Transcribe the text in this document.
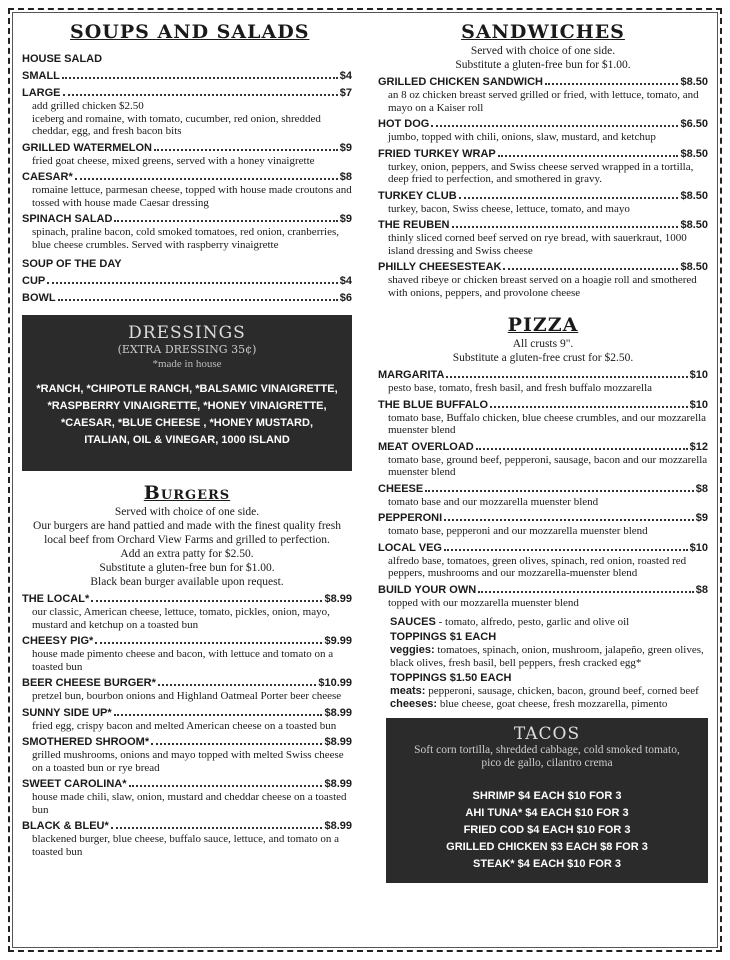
SOUPS AND SALADS
HOUSE SALAD
SMALL	$4
LARGE	$7
add grilled chicken $2.50
iceberg and romaine, with tomato, cucumber, red onion, shredded cheddar, egg, and fresh bacon bits
GRILLED WATERMELON	$9
fried goat cheese, mixed greens, served with a honey vinaigrette
CAESAR*	$8
romaine lettuce, parmesan cheese, topped with house made croutons and tossed with house made Caesar dressing
SPINACH SALAD	$9
spinach, praline bacon, cold smoked tomatoes, red onion, cranberries, blue cheese crumbles. Served with raspberry vinaigrette
SOUP OF THE DAY
CUP	$4
BOWL	$6
DRESSINGS
(EXTRA DRESSING 35¢)
*made in house
*RANCH, *CHIPOTLE RANCH, *BALSAMIC VINAIGRETTE,
*RASPBERRY VINAIGRETTE, *HONEY VINAIGRETTE,
*CAESAR, *BLUE CHEESE , *HONEY MUSTARD,
ITALIAN, OIL & VINEGAR, 1000 ISLAND
Burgers

Served with choice of one side.

Our burgers are hand pattied and made with the finest quality fresh local beef from Orchard View Farms and grilled to perfection.

Add an extra patty for $2.50.

Substitute a gluten-free bun for $1.00.

Black bean burger available upon request.

THE LOCAL*	$8.99
our classic, American cheese, lettuce, tomato, pickles, onion, mayo, mustard and ketchup on a toasted bun
CHEESY PIG*	$9.99
house made pimento cheese and bacon, with lettuce and tomato on a toasted bun
BEER CHEESE BURGER*	$10.99
pretzel bun, bourbon onions and Highland Oatmeal Porter beer cheese
SUNNY SIDE UP*	$8.99
fried egg, crispy bacon and melted American cheese on a toasted bun
SMOTHERED SHROOM*	$8.99
grilled mushrooms, onions and mayo topped with melted Swiss cheese on a toasted bun or rye bread
SWEET CAROLINA*	$8.99
house made chili, slaw, onion, mustard and cheddar cheese on a toasted bun
BLACK & BLEU*	$8.99
blackened burger, blue cheese, buffalo sauce, lettuce, and tomato on a toasted bun
SANDWICHES

Served with choice of one side.

Substitute a gluten-free bun for $1.00.

GRILLED CHICKEN SANDWICH	$8.50
an 8 oz chicken breast served grilled or fried, with lettuce, tomato, and mayo on a Kaiser roll
HOT DOG	$6.50
jumbo, topped with chili, onions, slaw, mustard, and ketchup
FRIED TURKEY WRAP	$8.50
turkey, onion, peppers, and Swiss cheese served wrapped in a tortilla, deep fried to perfection, and smothered in gravy.
TURKEY CLUB	$8.50
turkey, bacon, Swiss cheese, lettuce, tomato, and mayo
THE REUBEN	$8.50
thinly sliced corned beef served on rye bread, with sauerkraut, 1000 island dressing and Swiss cheese
PHILLY CHEESESTEAK	$8.50
shaved ribeye or chicken breast served on a hoagie roll and smothered with onions, peppers, and provolone cheese
PIZZA

All crusts 9".

Substitute a gluten-free crust for $2.50.

MARGARITA	$10
pesto base, tomato, fresh basil, and fresh buffalo mozzarella
THE BLUE BUFFALO	$10
tomato base, Buffalo chicken, blue cheese crumbles, and our mozzarella muenster blend
MEAT OVERLOAD	$12
tomato base, ground beef, pepperoni, sausage, bacon and our mozzarella muenster blend
CHEESE	$8
tomato base and our mozzarella muenster blend
PEPPERONI	$9
tomato base, pepperoni and our mozzarella muenster blend
LOCAL VEG	$10
alfredo base, tomatoes, green olives, spinach, red onion, roasted red peppers, mushrooms and our mozzarella-muenster blend
BUILD YOUR OWN	$8
topped with our mozzarella muenster blend
SAUCES - tomato, alfredo, pesto, garlic and olive oil
TOPPINGS $1 EACH
veggies: tomatoes, spinach, onion, mushroom, jalapeño, green olives, black olives, fresh basil, bell peppers, fresh cracked egg*
TOPPINGS $1.50 EACH
meats: pepperoni, sausage, chicken, bacon, ground beef, corned beef
cheeses: blue cheese, goat cheese, fresh mozzarella, pimento
TACOS
Soft corn tortilla, shredded cabbage, cold smoked tomato, pico de gallo, cilantro crema
SHRIMP $4 EACH $10 FOR 3
AHI TUNA* $4 EACH $10 FOR 3
FRIED COD $4 EACH $10 FOR 3
GRILLED CHICKEN $3 EACH $8 FOR 3
STEAK* $4 EACH $10 FOR 3
